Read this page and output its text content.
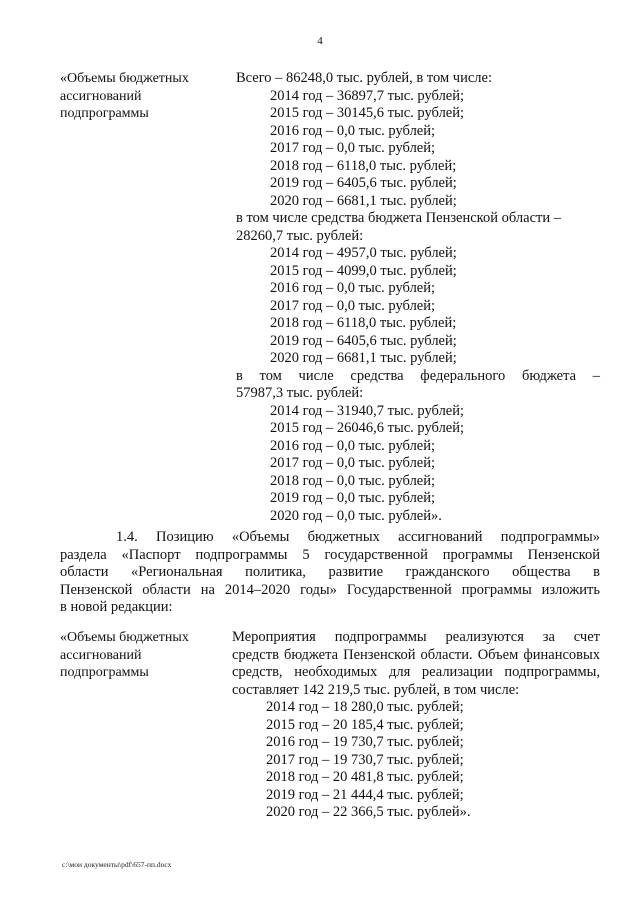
4
«Объемы бюджетных
ассигнований
подпрограммы
Всего – 86248,0 тыс. рублей, в том числе:
2014 год – 36897,7 тыс. рублей;
2015 год – 30145,6 тыс. рублей;
2016 год – 0,0 тыс. рублей;
2017 год – 0,0 тыс. рублей;
2018 год – 6118,0 тыс. рублей;
2019 год – 6405,6 тыс. рублей;
2020 год – 6681,1 тыс. рублей;
в том числе средства бюджета Пензенской области –
28260,7 тыс. рублей:
2014 год – 4957,0 тыс. рублей;
2015 год – 4099,0 тыс. рублей;
2016 год – 0,0 тыс. рублей;
2017 год – 0,0 тыс. рублей;
2018 год – 6118,0 тыс. рублей;
2019 год – 6405,6 тыс. рублей;
2020 год – 6681,1 тыс. рублей;
в том числе средства федерального бюджета –
57987,3 тыс. рублей:
2014 год – 31940,7 тыс. рублей;
2015 год – 26046,6 тыс. рублей;
2016 год – 0,0 тыс. рублей;
2017 год – 0,0 тыс. рублей;
2018 год – 0,0 тыс. рублей;
2019 год – 0,0 тыс. рублей;
2020 год – 0,0 тыс. рублей».
1.4. Позицию «Объемы бюджетных ассигнований подпрограммы»
раздела «Паспорт подпрограммы 5 государственной программы Пензенской
области «Региональная политика, развитие гражданского общества в
Пензенской области на 2014–2020 годы» Государственной программы изложить
в новой редакции:
«Объемы бюджетных
ассигнований
подпрограммы
Мероприятия подпрограммы реализуются за счет
средств бюджета Пензенской области. Объем финансовых
средств, необходимых для реализации подпрограммы,
составляет 142 219,5 тыс. рублей, в том числе:
2014 год – 18 280,0 тыс. рублей;
2015 год – 20 185,4 тыс. рублей;
2016 год – 19 730,7 тыс. рублей;
2017 год – 19 730,7 тыс. рублей;
2018 год – 20 481,8 тыс. рублей;
2019 год – 21 444,4 тыс. рублей;
2020 год – 22 366,5 тыс. рублей».
c:\мои документы\pdf\657-пп.docx
